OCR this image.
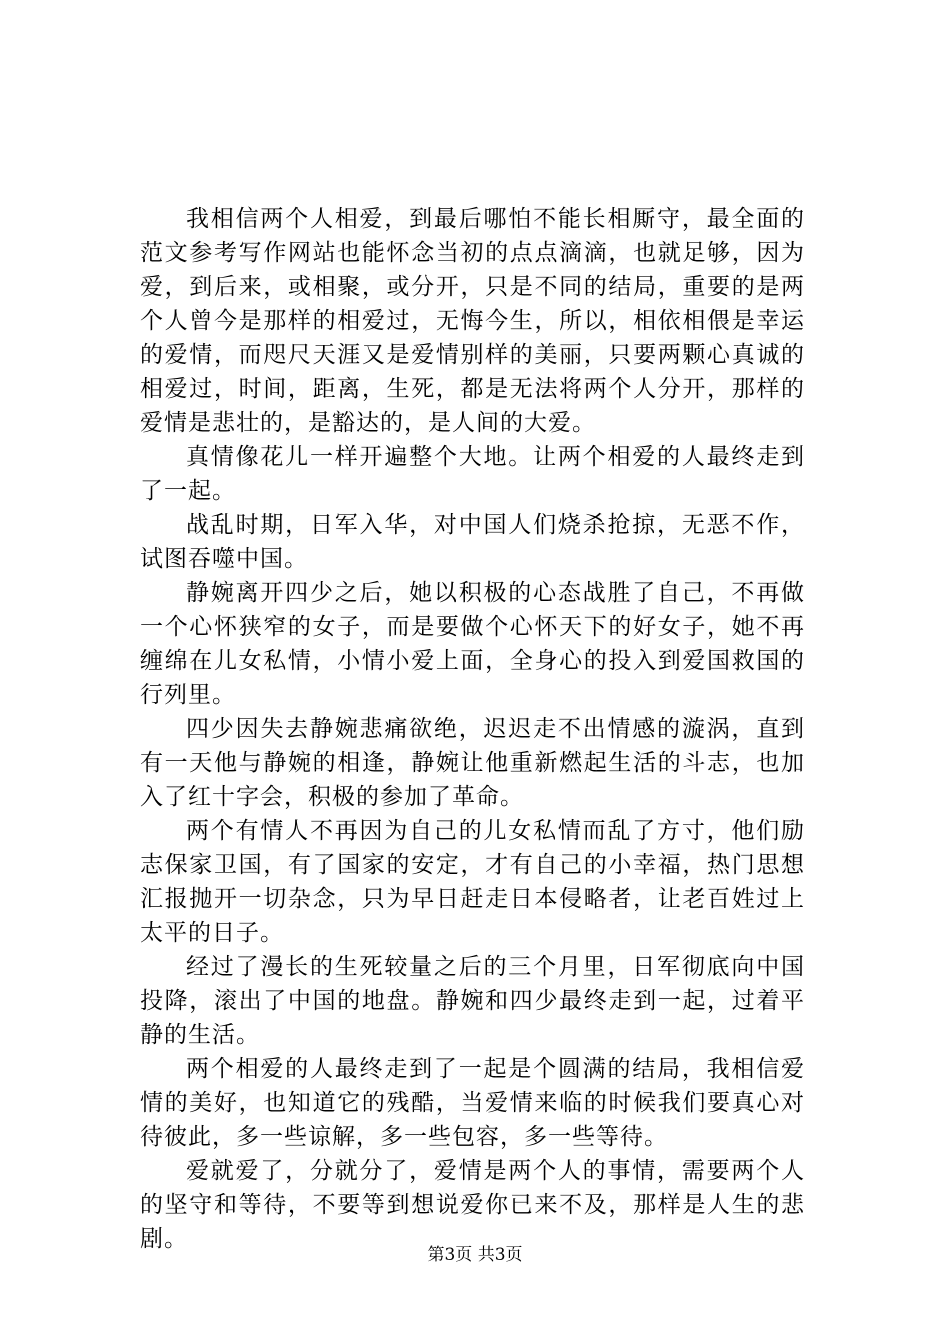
我相信两个人相爱，到最后哪怕不能长相厮守，最全面的范文参考写作网站也能怀念当初的点点滴滴，也就足够，因为爱，到后来，或相聚，或分开，只是不同的结局，重要的是两个人曾今是那样的相爱过，无悔今生，所以，相依相偎是幸运的爱情，而咫尺天涯又是爱情别样的美丽，只要两颗心真诚的相爱过，时间，距离，生死，都是无法将两个人分开，那样的爱情是悲壮的，是豁达的，是人间的大爱。

真情像花儿一样开遍整个大地。让两个相爱的人最终走到了一起。

战乱时期，日军入华，对中国人们烧杀抢掠，无恶不作，试图吞噬中国。

静婉离开四少之后，她以积极的心态战胜了自己，不再做一个心怀狭窄的女子，而是要做个心怀天下的好女子，她不再缠绵在儿女私情，小情小爱上面，全身心的投入到爱国救国的行列里。

四少因失去静婉悲痛欲绝，迟迟走不出情感的漩涡，直到有一天他与静婉的相逢，静婉让他重新燃起生活的斗志，也加入了红十字会，积极的参加了革命。

两个有情人不再因为自己的儿女私情而乱了方寸，他们励志保家卫国，有了国家的安定，才有自己的小幸福，热门思想汇报抛开一切杂念，只为早日赶走日本侵略者，让老百姓过上太平的日子。

经过了漫长的生死较量之后的三个月里，日军彻底向中国投降，滚出了中国的地盘。静婉和四少最终走到一起，过着平静的生活。

两个相爱的人最终走到了一起是个圆满的结局，我相信爱情的美好，也知道它的残酷，当爱情来临的时候我们要真心对待彼此，多一些谅解，多一些包容，多一些等待。

爱就爱了，分就分了，爱情是两个人的事情，需要两个人的坚守和等待，不要等到想说爱你已来不及，那样是人生的悲剧。

第3页 共3页
